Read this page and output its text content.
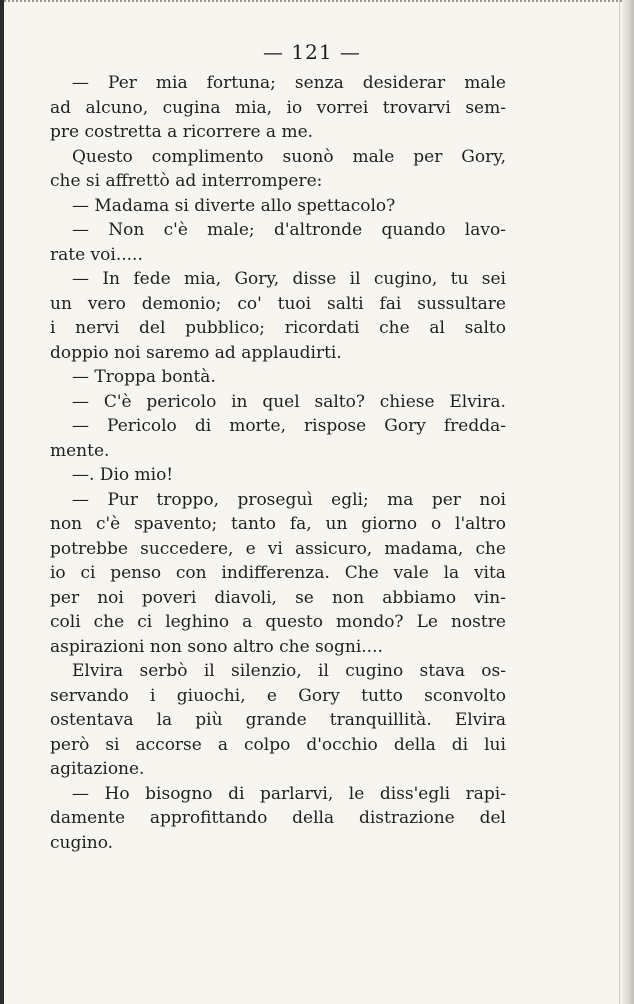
— 121 —
— Per mia fortuna; senza desiderar male
ad alcuno, cugina mia, io vorrei trovarvi sem-
pre costretta a ricorrere a me.
Questo complimento suonò male per Gory,
che si affrettò ad interrompere:
— Madama si diverte allo spettacolo?
— Non c'è male; d'altronde quando lavo-
rate voi.....
— In fede mia, Gory, disse il cugino, tu sei
un vero demonio; co' tuoi salti fai sussultare
i nervi del pubblico; ricordati che al salto
doppio noi saremo ad applaudirti.
— Troppa bontà.
— C'è pericolo in quel salto? chiese Elvira.
— Pericolo di morte, rispose Gory fredda-
mente.
—. Dio mio!
— Pur troppo, proseguì egli; ma per noi
non c'è spavento; tanto fa, un giorno o l'altro
potrebbe succedere, e vi assicuro, madama, che
io ci penso con indifferenza. Che vale la vita
per noi poveri diavoli, se non abbiamo vin-
coli che ci leghino a questo mondo? Le nostre
aspirazioni non sono altro che sogni....
Elvira serbò il silenzio, il cugino stava os-
servando i giuochi, e Gory tutto sconvolto
ostentava la più grande tranquillità. Elvira
però si accorse a colpo d'occhio della di lui
agitazione.
— Ho bisogno di parlarvi, le diss'egli rapi-
damente approfittando della distrazione del
cugino.
